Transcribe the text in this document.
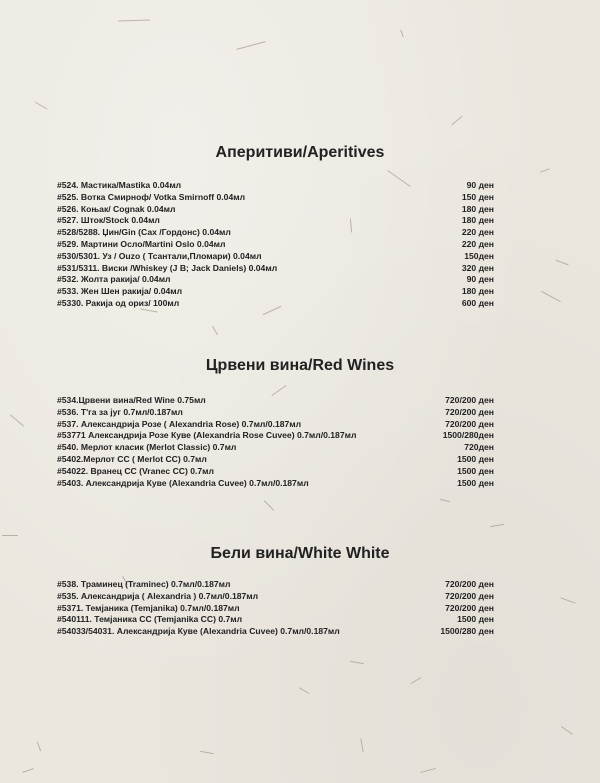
Аперитиви/Aperitives
#524. Мастика/Mastika 0.04мл	90 ден
#525. Вотка Смирноф/ Votka Smirnoff 0.04мл	150 ден
#526. Коњак/ Cognak 0.04мл	180 ден
#527. Шток/Stock 0.04мл	180 ден
#528/5288. Џин/Gin (Сах /Гордонс) 0.04мл	220 ден
#529. Мартини Осло/Martini Oslo 0.04мл	220 ден
#530/5301. Уз / Ouzo ( Тсантали,Пломари) 0.04мл	150ден
#531/5311. Виски /Whiskey (J B; Jack Daniels) 0.04мл	320 ден
#532. Жолта ракија/ 0.04мл	90 ден
#533. Жен Шен ракија/ 0.04мл	180 ден
#5330. Ракија од ориз/ 100мл	600 ден
Црвени вина/Red Wines
#534.Црвени вина/Red Wine 0.75мл	720/200 ден
#536. Т'га за југ 0.7мл/0.187мл	720/200 ден
#537. Александрија Розе ( Alexandria Rose) 0.7мл/0.187мл	720/200 ден
#53771 Александрија Розе Куве (Alexandria Rose Cuvee) 0.7мл/0.187мл	1500/280ден
#540. Мерлот класик (Merlot Classic) 0.7мл	720ден
#5402.Мерлот CC ( Merlot CC) 0.7мл	1500 ден
#54022. Вранец CC (Vranec CC) 0.7мл	1500 ден
#5403. Александрија Куве (Alexandria Cuvee) 0.7мл/0.187мл	1500 ден
Бели вина/White White
#538. Траминец (Traminec) 0.7мл/0.187мл	720/200 ден
#535. Александрија ( Alexandria ) 0.7мл/0.187мл	720/200 ден
#5371. Темјаника (Temjanika) 0.7мл/0.187мл	720/200 ден
#540111. Темјаника CC (Temjanika CC) 0.7мл	1500 ден
#54033/54031. Александрија Куве (Alexandria Cuvee) 0.7мл/0.187мл	1500/280 ден
